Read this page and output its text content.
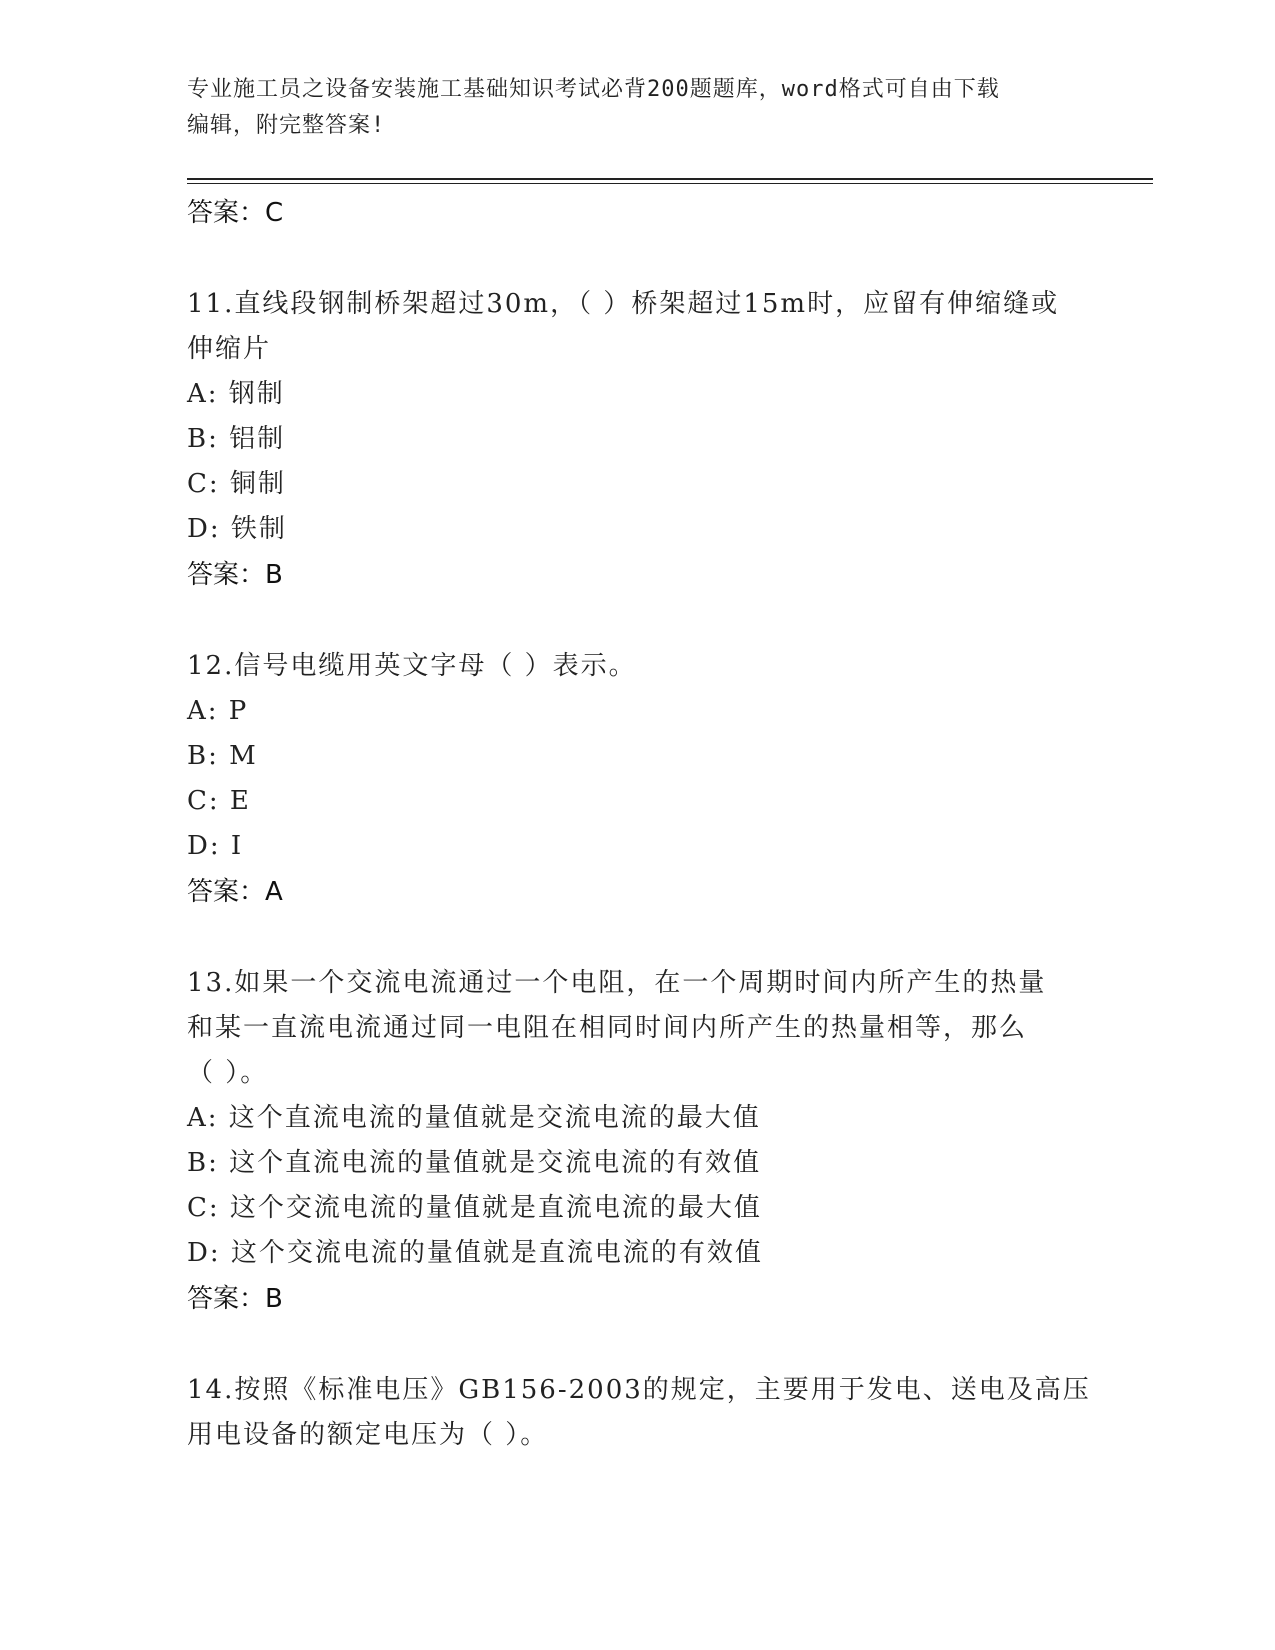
专业施工员之设备安装施工基础知识考试必背200题题库，word格式可自由下载
编辑，附完整答案!
答案：C
11.直线段钢制桥架超过30m，（ ）桥架超过15m时，应留有伸缩缝或
伸缩片
A: 钢制
B: 铝制
C: 铜制
D: 铁制
答案：B
12.信号电缆用英文字母（ ）表示。
A: P
B: M
C: E
D: I
答案：A
13.如果一个交流电流通过一个电阻，在一个周期时间内所产生的热量
和某一直流电流通过同一电阻在相同时间内所产生的热量相等，那么
（ ）。
A: 这个直流电流的量值就是交流电流的最大值
B: 这个直流电流的量值就是交流电流的有效值
C: 这个交流电流的量值就是直流电流的最大值
D: 这个交流电流的量值就是直流电流的有效值
答案：B
14.按照《标准电压》GB156-2003的规定，主要用于发电、送电及高压
用电设备的额定电压为（ ）。
